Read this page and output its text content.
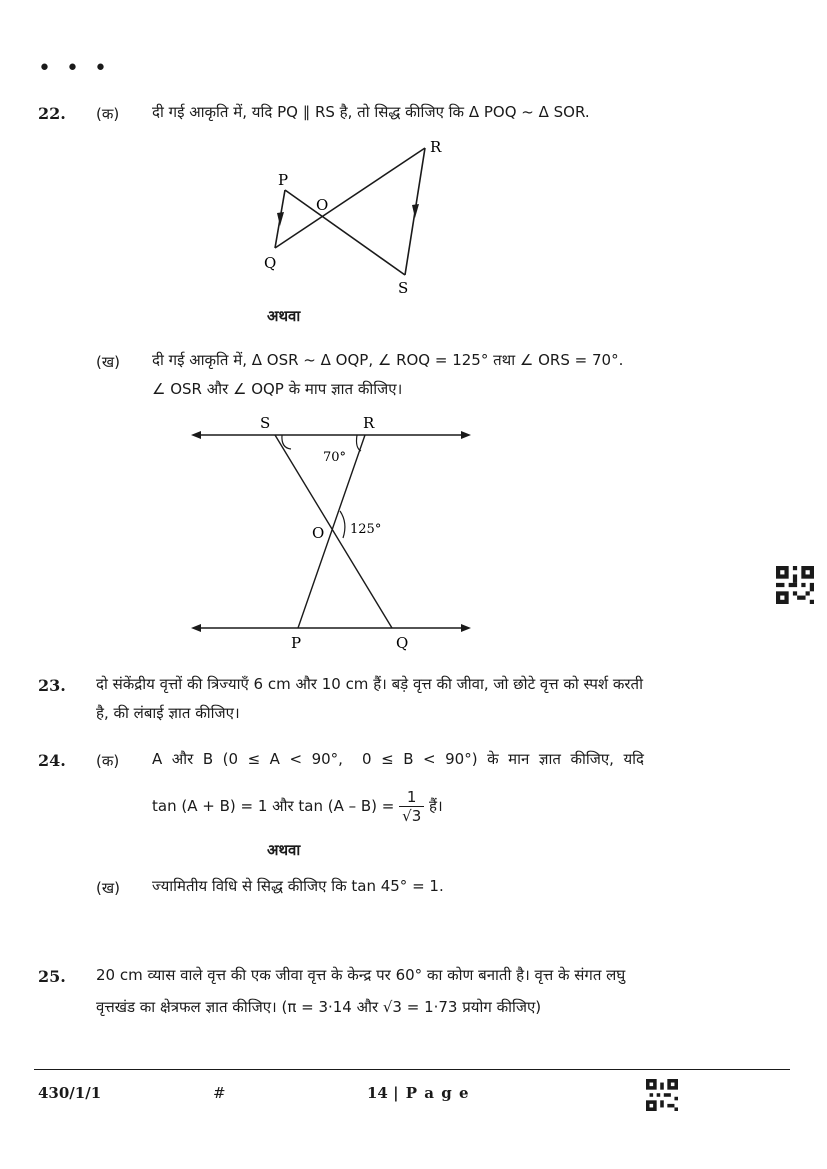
• • •
22. (क) दी गई आकृति में, यदि PQ ∥ RS है, तो सिद्ध कीजिए कि Δ POQ ~ Δ SOR.
P
Q
O
R
S
अथवा
(ख) दी गई आकृति में, Δ OSR ~ Δ OQP, ∠ ROQ = 125° तथा ∠ ORS = 70°.
∠ OSR और ∠ OQP के माप ज्ञात कीजिए।
S	R
70°
O 125°
P	Q
23. दो संकेंद्रीय वृत्तों की त्रिज्याएँ 6 cm और 10 cm हैं। बड़े वृत्त की जीवा, जो छोटे वृत्त को स्पर्श करती
है, की लंबाई ज्ञात कीजिए।
24. (क) A  और  B  (0  ≤  A  <  90°,    0  ≤  B  <  90°)  के  मान  ज्ञात  कीजिए,  यदि
tan (A + B) = 1 और $\tan (A - B) = \frac{1}{√3}$ हैं।
अथवा
(ख) ज्यामितीय विधि से सिद्ध कीजिए कि tan 45° = 1.
25. 20 cm व्यास वाले वृत्त की एक जीवा वृत्त के केन्द्र पर 60° का कोण बनाती है। वृत्त के संगत लघु
वृत्तखंड का क्षेत्रफल ज्ञात कीजिए। (π = 3·14 और √3 = 1·73 प्रयोग कीजिए)
430/1/1	#	14 | P a g e
